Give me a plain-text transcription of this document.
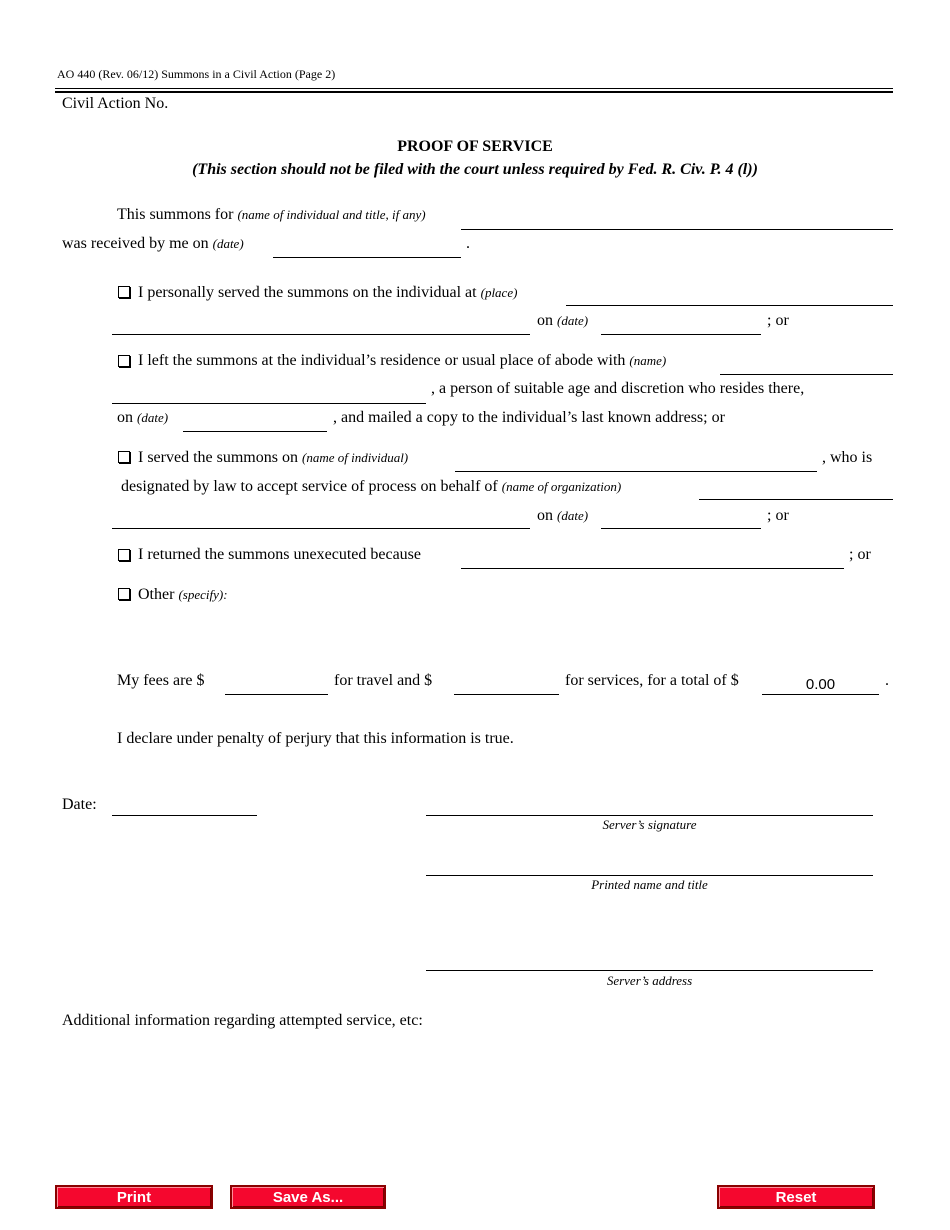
AO 440 (Rev. 06/12) Summons in a Civil Action (Page 2)
Civil Action No.
PROOF OF SERVICE
(This section should not be filed with the court unless required by Fed. R. Civ. P. 4 (l))
This summons for (name of individual and title, if any)
was received by me on (date)	.
I personally served the summons on the individual at (place)
on (date)	; or
I left the summons at the individual’s residence or usual place of abode with (name)
, a person of suitable age and discretion who resides there,
on (date)	, and mailed a copy to the individual’s last known address; or
I served the summons on (name of individual)	, who is
designated by law to accept service of process on behalf of (name of organization)
on (date)	; or
I returned the summons unexecuted because	; or
Other (specify):
My fees are $	for travel and $	for services, for a total of $	0.00	.
I declare under penalty of perjury that this information is true.
Date:
Server’s signature
Printed name and title
Server’s address
Additional information regarding attempted service, etc:
Print	Save As...	Reset
